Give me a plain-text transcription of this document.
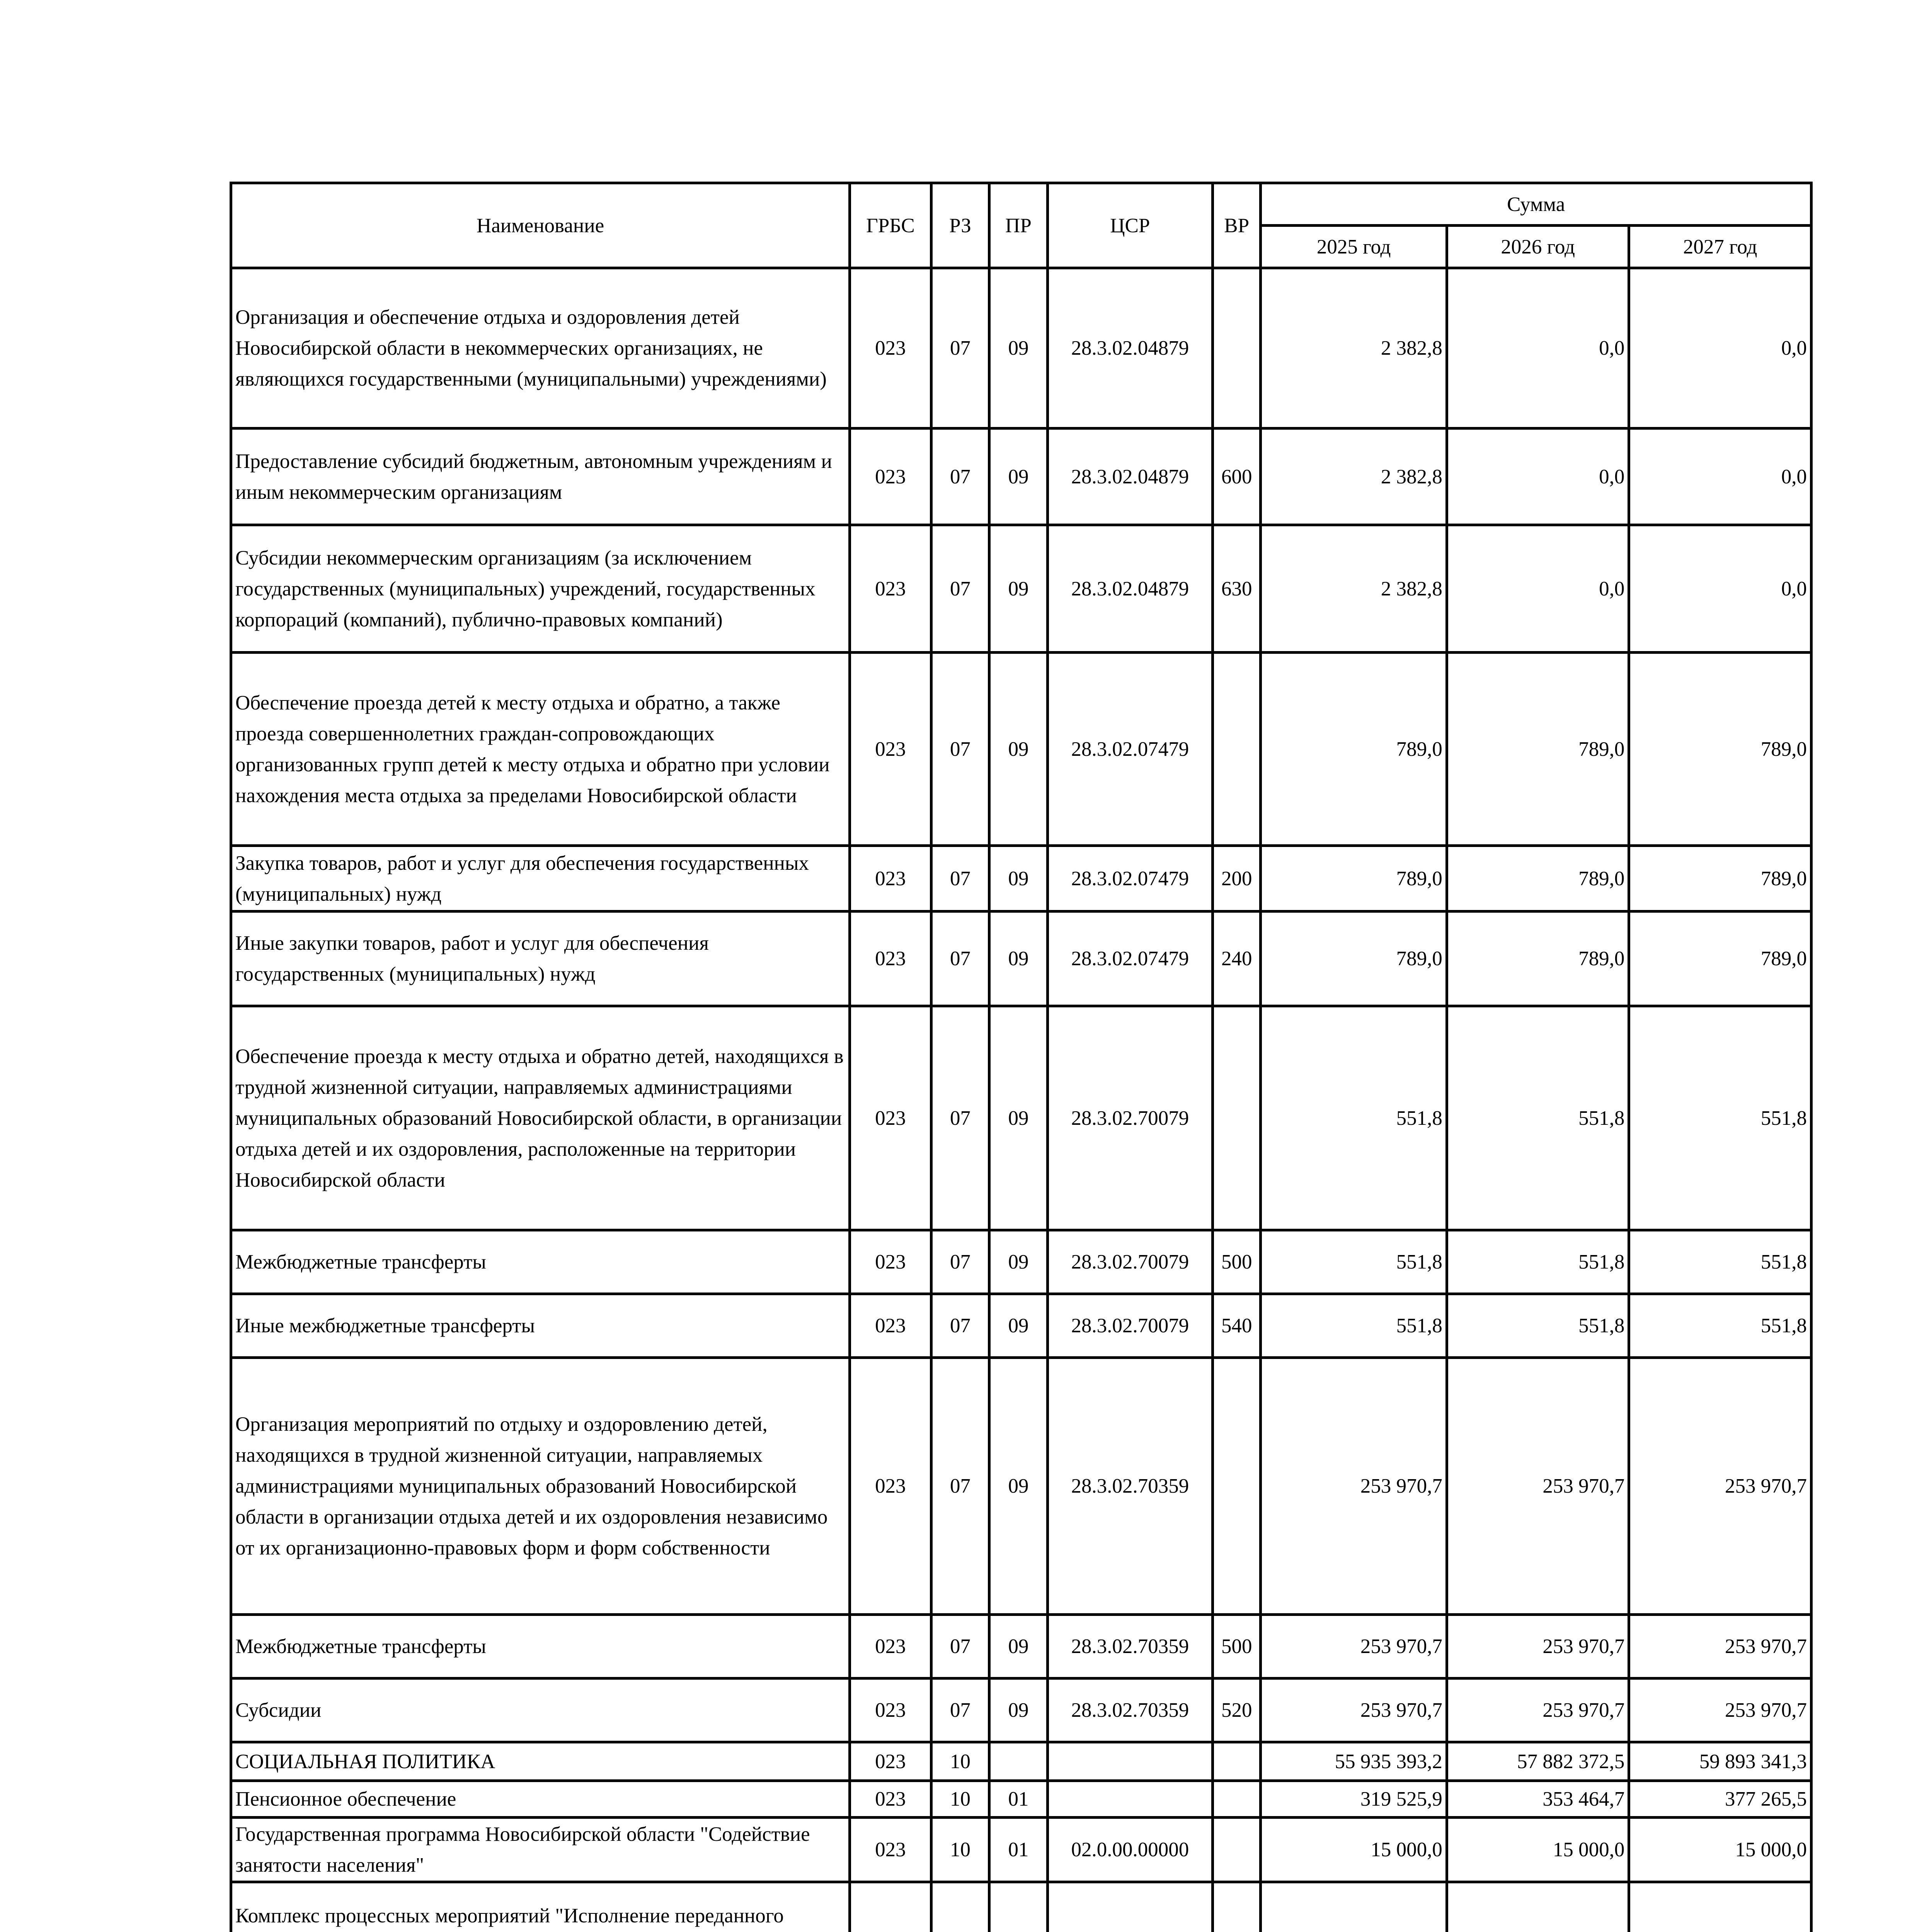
Наименование	ГРБС	РЗ	ПР	ЦСР	ВР	Сумма		
						2025 год	2026 год	2027 год
Организация и обеспечение отдыха и оздоровления детей Новосибирской области в некоммерческих организациях, не являющихся государственными (муниципальными) учреждениями)	023	07	09	28.3.02.04879		2 382,8	0,0	0,0
Предоставление субсидий бюджетным, автономным учреждениям и иным некоммерческим организациям	023	07	09	28.3.02.04879	600	2 382,8	0,0	0,0
Субсидии некоммерческим организациям (за исключением государственных (муниципальных) учреждений, государственных корпораций (компаний), публично-правовых компаний)	023	07	09	28.3.02.04879	630	2 382,8	0,0	0,0
Обеспечение проезда детей к месту отдыха и обратно, а также проезда совершеннолетних граждан-сопровождающих организованных групп детей к месту отдыха и обратно при условии нахождения места отдыха за пределами Новосибирской области	023	07	09	28.3.02.07479		789,0	789,0	789,0
Закупка товаров, работ и услуг для обеспечения государственных (муниципальных) нужд	023	07	09	28.3.02.07479	200	789,0	789,0	789,0
Иные закупки товаров, работ и услуг для обеспечения государственных (муниципальных) нужд	023	07	09	28.3.02.07479	240	789,0	789,0	789,0
Обеспечение проезда к месту отдыха и обратно детей, находящихся в трудной жизненной ситуации, направляемых администрациями муниципальных образований Новосибирской области, в организации отдыха детей и их оздоровления, расположенные на территории Новосибирской области	023	07	09	28.3.02.70079		551,8	551,8	551,8
Межбюджетные трансферты	023	07	09	28.3.02.70079	500	551,8	551,8	551,8
Иные межбюджетные трансферты	023	07	09	28.3.02.70079	540	551,8	551,8	551,8
Организация мероприятий по отдыху и оздоровлению детей, находящихся в трудной жизненной ситуации, направляемых администрациями муниципальных образований Новосибирской области в организации отдыха детей и их оздоровления независимо от их организационно-правовых форм и форм собственности	023	07	09	28.3.02.70359		253 970,7	253 970,7	253 970,7
Межбюджетные трансферты	023	07	09	28.3.02.70359	500	253 970,7	253 970,7	253 970,7
Субсидии	023	07	09	28.3.02.70359	520	253 970,7	253 970,7	253 970,7
СОЦИАЛЬНАЯ ПОЛИТИКА	023	10				55 935 393,2	57 882 372,5	59 893 341,3
Пенсионное обеспечение	023	10	01			319 525,9	353 464,7	377 265,5
Государственная программа Новосибирской области "Содействие занятости населения"	023	10	01	02.0.00.00000		15 000,0	15 000,0	15 000,0
Комплекс процессных мероприятий "Исполнение переданного								
